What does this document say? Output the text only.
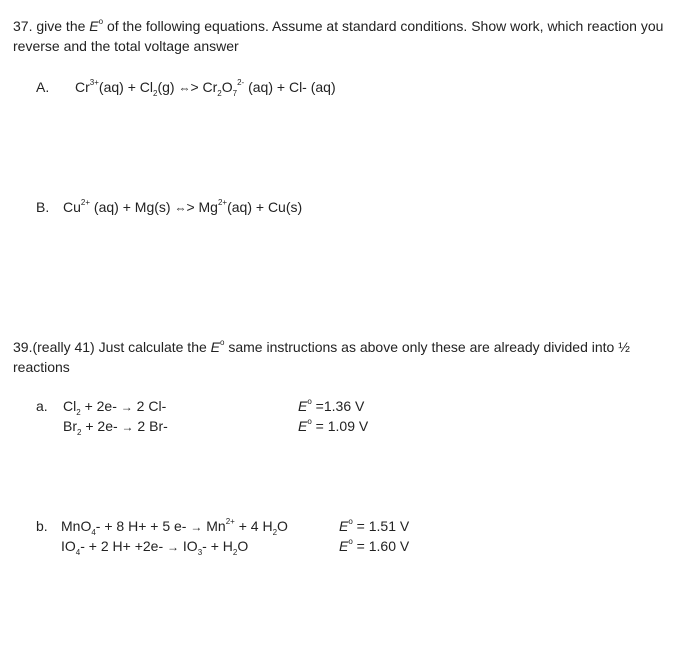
37. give the $E^o$ of the following equations. Assume at standard conditions. Show work, which reaction you reverse and the total voltage answer
A. $Cr^{3+}(aq) + Cl_2(g)$ ⇔> $Cr_2O_7^{2-}$ (aq) + Cl- (aq)
B. $Cu^{2+}$ (aq) + Mg(s) ⇔> $Mg^{2+}(aq) + Cu(s)$
39.(really 41) Just calculate the $E^o$ same instructions as above only these are already divided into ½ reactions
a. $Cl_2 + 2e- \to 2$ Cl-
$Br_2 + 2e- \to 2$ Br-
$E^o =1.36$ V
$E^o = 1.09$ V
b. MnO$_4$- + 8 H+ + 5 $e- \to Mn^{2+} + 4$ $H_2O$
$IO_4- + 2$ $H+ +2e- \to IO_3- + H_2O$
$E^o = 1.51$ V
$E^o = 1.60$ V
